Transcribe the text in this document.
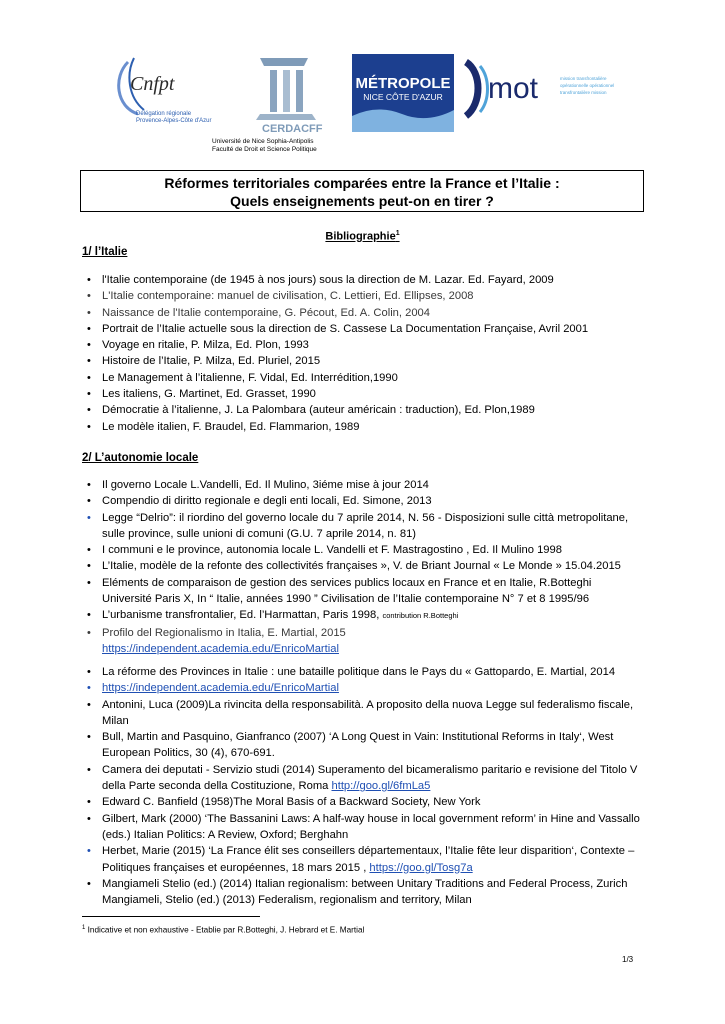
Cnfpt
Délégation régionale
Provence-Alpes-Côte d'Azur
CERDACFF
Université de Nice Sophia-Antipolis
Faculté de Droit et Science Politique
MÉTROPOLE
NICE CÔTE D'AZUR mot	mission transfrontalière
opérationnelle opérationnel
transfrontalière mission
Réformes territoriales comparées entre la France et l’Italie :
Quels enseignements peut-on en tirer ?
Bibliographie$^1$
1/ l’Italie
• l'Italie contemporaine (de 1945 à nos jours) sous la direction de M. Lazar. Ed. Fayard, 2009
• L'Italie contemporaine: manuel de civilisation, C. Lettieri, Ed. Ellipses, 2008
• Naissance de l'Italie contemporaine, G. Pécout, Ed. A. Colin, 2004
• Portrait de l’Italie actuelle sous la direction de S. Cassese La Documentation Française, Avril 2001
• Voyage en ritalie, P. Milza, Ed. Plon, 1993
• Histoire de l’Italie, P. Milza, Ed. Pluriel, 2015
• Le Management à l’italienne, F. Vidal, Ed. Interrédition,1990
• Les italiens, G. Martinet, Ed. Grasset, 1990
• Démocratie à l’italienne, J. La Palombara (auteur américain : traduction), Ed. Plon,1989
• Le modèle italien, F. Braudel, Ed. Flammarion, 1989
2/ L’autonomie locale
• Il governo Locale L.Vandelli, Ed. Il Mulino, 3iéme mise à jour 2014
• Compendio di diritto regionale e degli enti locali, Ed. Simone, 2013
• Legge “Delrio”: il riordino del governo locale du 7 aprile 2014, N. 56 - Disposizioni sulle città metropolitane, sulle province, sulle unioni di comuni (G.U. 7 aprile 2014, n. 81)
• I communi e le province, autonomia locale L. Vandelli et F. Mastragostino , Ed. Il Mulino 1998
• L’Italie, modèle de la refonte des collectivités françaises », V. de Briant Journal « Le Monde » 15.04.2015
• Eléments de comparaison de gestion des services publics locaux en France et en Italie, R.Botteghi Université Paris X, In “ Italie, années 1990 ” Civilisation de l’Italie contemporaine N° 7 et 8 1995/96
• L’urbanisme transfrontalier, Ed. l’Harmattan, Paris 1998, contribution R.Botteghi
• Profilo del Regionalismo in Italia, E. Martial, 2015
https://independent.academia.edu/EnricoMartial
• La réforme des Provinces in Italie : une bataille politique dans le Pays du « Gattopardo, E. Martial, 2014
• https://independent.academia.edu/EnricoMartial
• Antonini, Luca (2009)La rivincita della responsabilità. A proposito della nuova Legge sul federalismo fiscale, Milan
• Bull, Martin and Pasquino, Gianfranco (2007) ‘A Long Quest in Vain: Institutional Reforms in Italy‘, West European Politics, 30 (4), 670-691.
• Camera dei deputati - Servizio studi (2014) Superamento del bicameralismo paritario e revisione del Titolo V della Parte seconda della Costituzione, Roma http://goo.gl/6fmLa5
• Edward C. Banfield (1958)The Moral Basis of a Backward Society, New York
• Gilbert, Mark (2000) ‘The Bassanini Laws: A half-way house in local government reform’ in Hine and Vassallo (eds.) Italian Politics: A Review, Oxford; Berghahn
• Herbet, Marie (2015) ‘La France élit ses conseillers départementaux, l’Italie fête leur disparition‘, Contexte – Politiques françaises et européennes, 18 mars 2015 , https://goo.gl/Tosg7a
• Mangiameli Stelio (ed.) (2014) Italian regionalism: between Unitary Traditions and Federal Process, Zurich Mangiameli, Stelio (ed.) (2013) Federalism, regionalism and territory, Milan
$^1$ Indicative et non exhaustive - Etablie par R.Botteghi, J. Hebrard et E. Martial
1/3
